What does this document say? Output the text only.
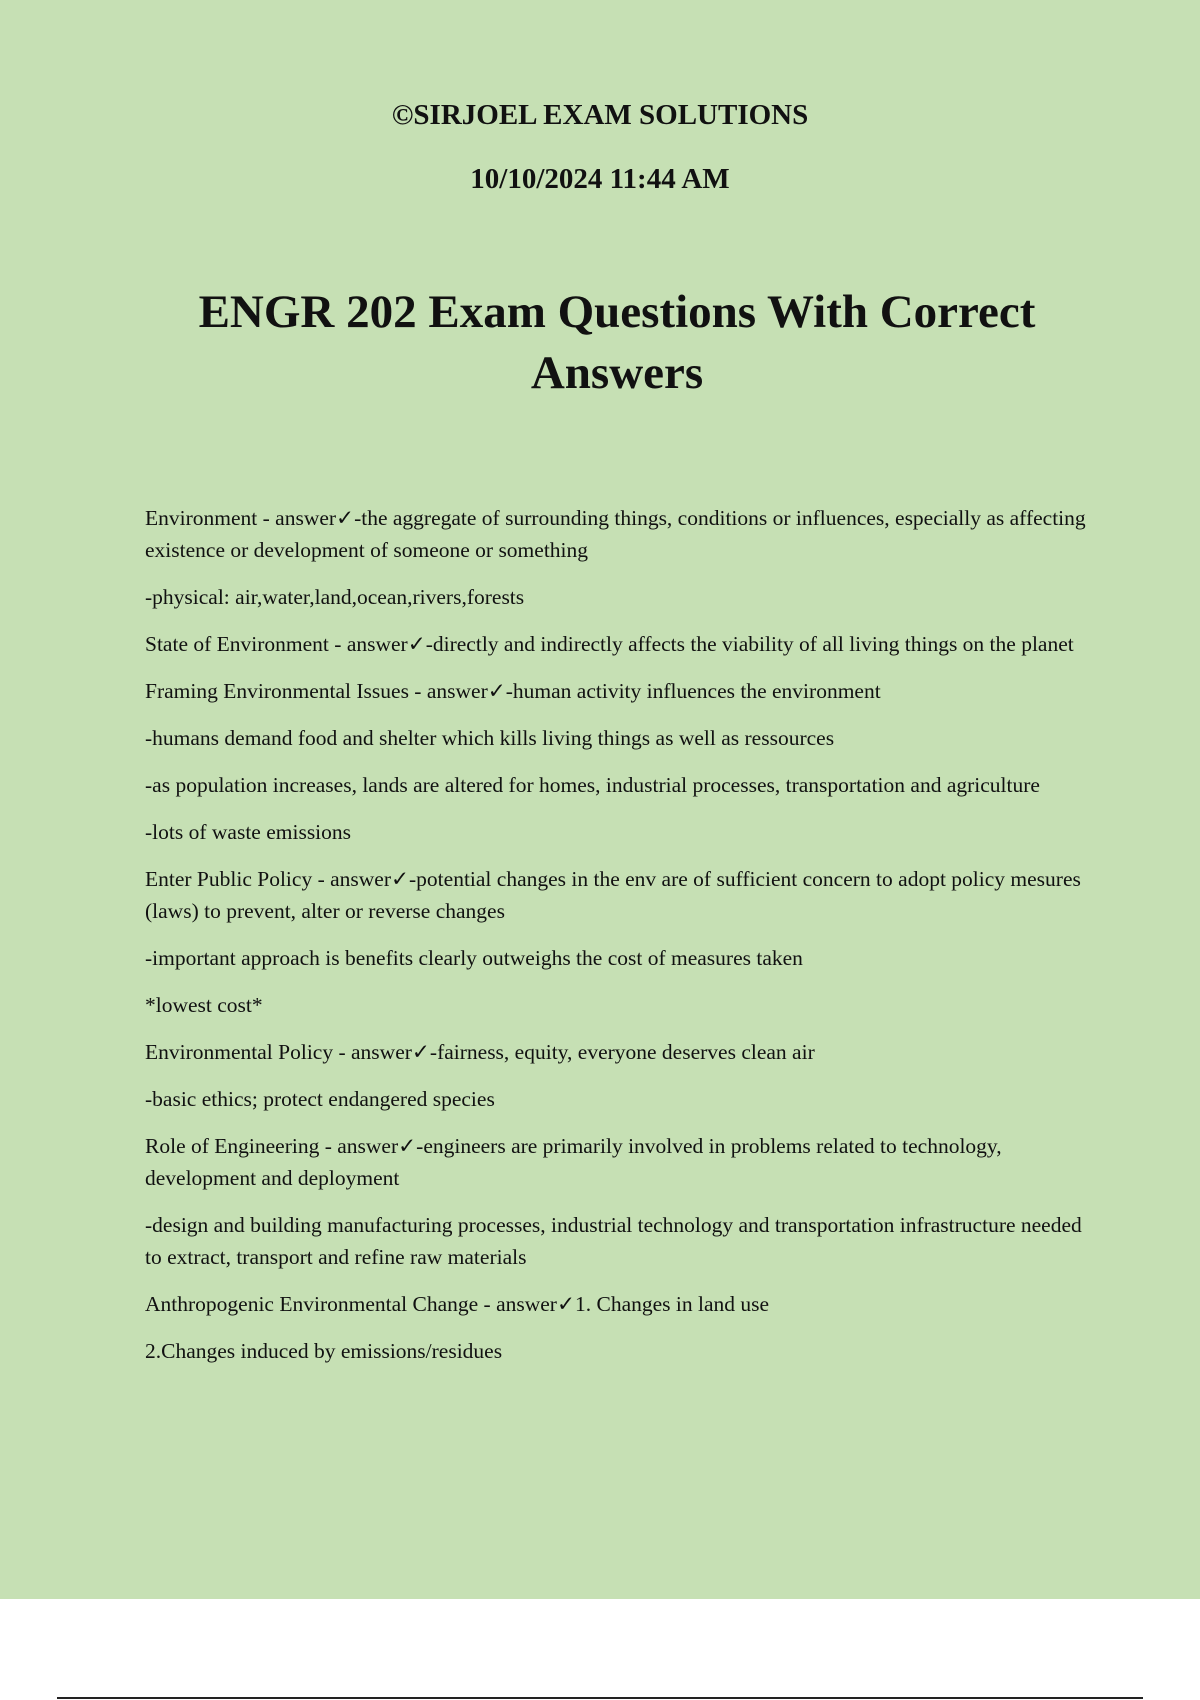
©SIRJOEL EXAM SOLUTIONS

10/10/2024 11:44 AM

ENGR 202 Exam Questions With Correct Answers

Environment - answer✓-the aggregate of surrounding things, conditions or influences, especially as affecting existence or development of someone or something

-physical: air,water,land,ocean,rivers,forests

State of Environment - answer✓-directly and indirectly affects the viability of all living things on the planet

Framing Environmental Issues - answer✓-human activity influences the environment

-humans demand food and shelter which kills living things as well as ressources

-as population increases, lands are altered for homes, industrial processes, transportation and agriculture

-lots of waste emissions

Enter Public Policy - answer✓-potential changes in the env are of sufficient concern to adopt policy mesures (laws) to prevent, alter or reverse changes

-important approach is benefits clearly outweighs the cost of measures taken

*lowest cost*

Environmental Policy - answer✓-fairness, equity, everyone deserves clean air

-basic ethics; protect endangered species

Role of Engineering - answer✓-engineers are primarily involved in problems related to technology, development and deployment

-design and building manufacturing processes, industrial technology and transportation infrastructure needed to extract, transport and refine raw materials

Anthropogenic Environmental Change - answer✓1. Changes in land use

2.Changes induced by emissions/residues
